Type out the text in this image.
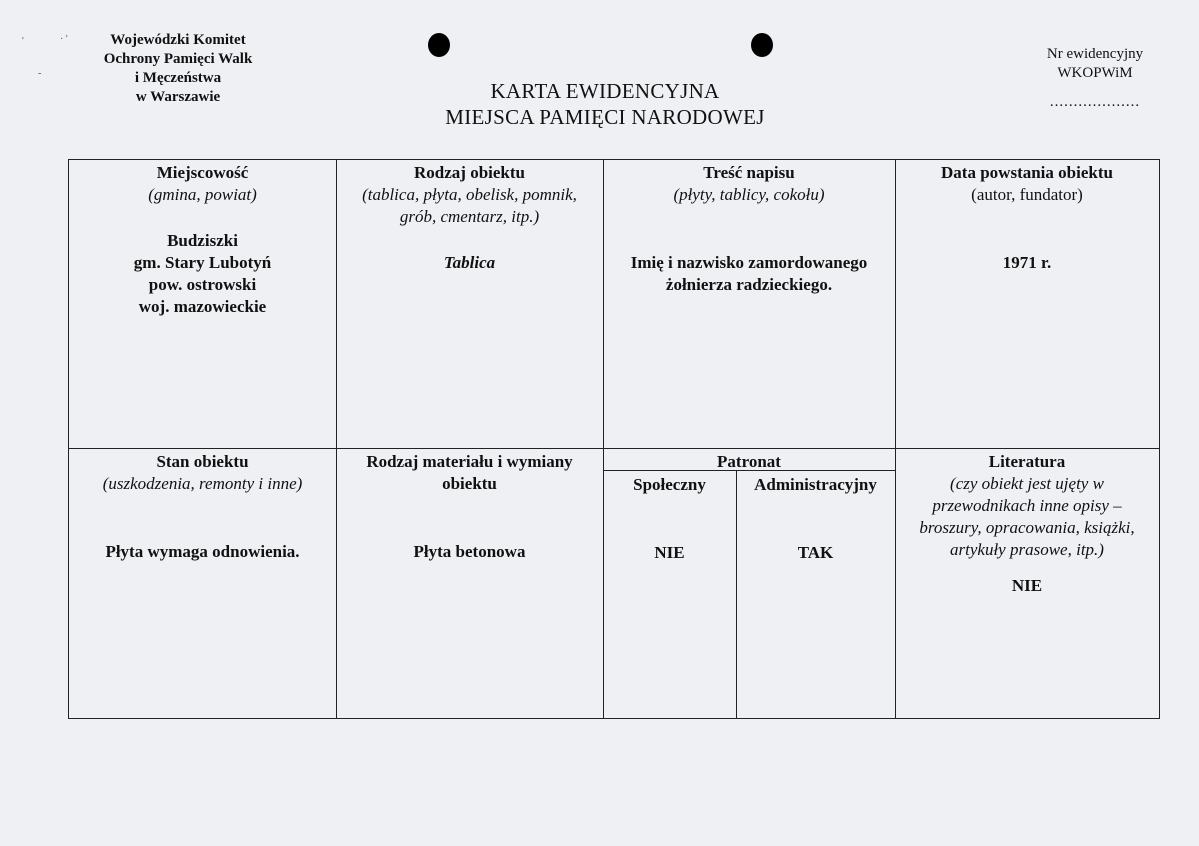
'	· '
-
Wojewódzki Komitet
Ochrony Pamięci Walk
i Męczeństwa
w Warszawie	KARTA EWIDENCYJNA
MIEJSCA PAMIĘCI NARODOWEJ
Nr ewidencyjny
WKOPWiM
...................
Miejscowość
(gmina, powiat)
Budziszki
gm. Stary Lubotyń
pow. ostrowski
woj. mazowieckie
Rodzaj obiektu
(tablica, płyta, obelisk, pomnik,
grób, cmentarz, itp.)
Tablica
Treść napisu
(płyty, tablicy, cokołu)
Imię i nazwisko zamordowanego
żołnierza radzieckiego.
Data powstania obiektu
(autor, fundator)
1971 r.
Stan obiektu
(uszkodzenia, remonty i inne)
Płyta wymaga odnowienia.
Rodzaj materiału i wymiany
obiektu
Płyta betonowa
Patronat
Społeczny
NIE
Administracyjny
TAK
Literatura
(czy obiekt jest ujęty w
przewodnikach inne opisy –
broszury, opracowania, książki,
artykuły prasowe, itp.)
NIE
